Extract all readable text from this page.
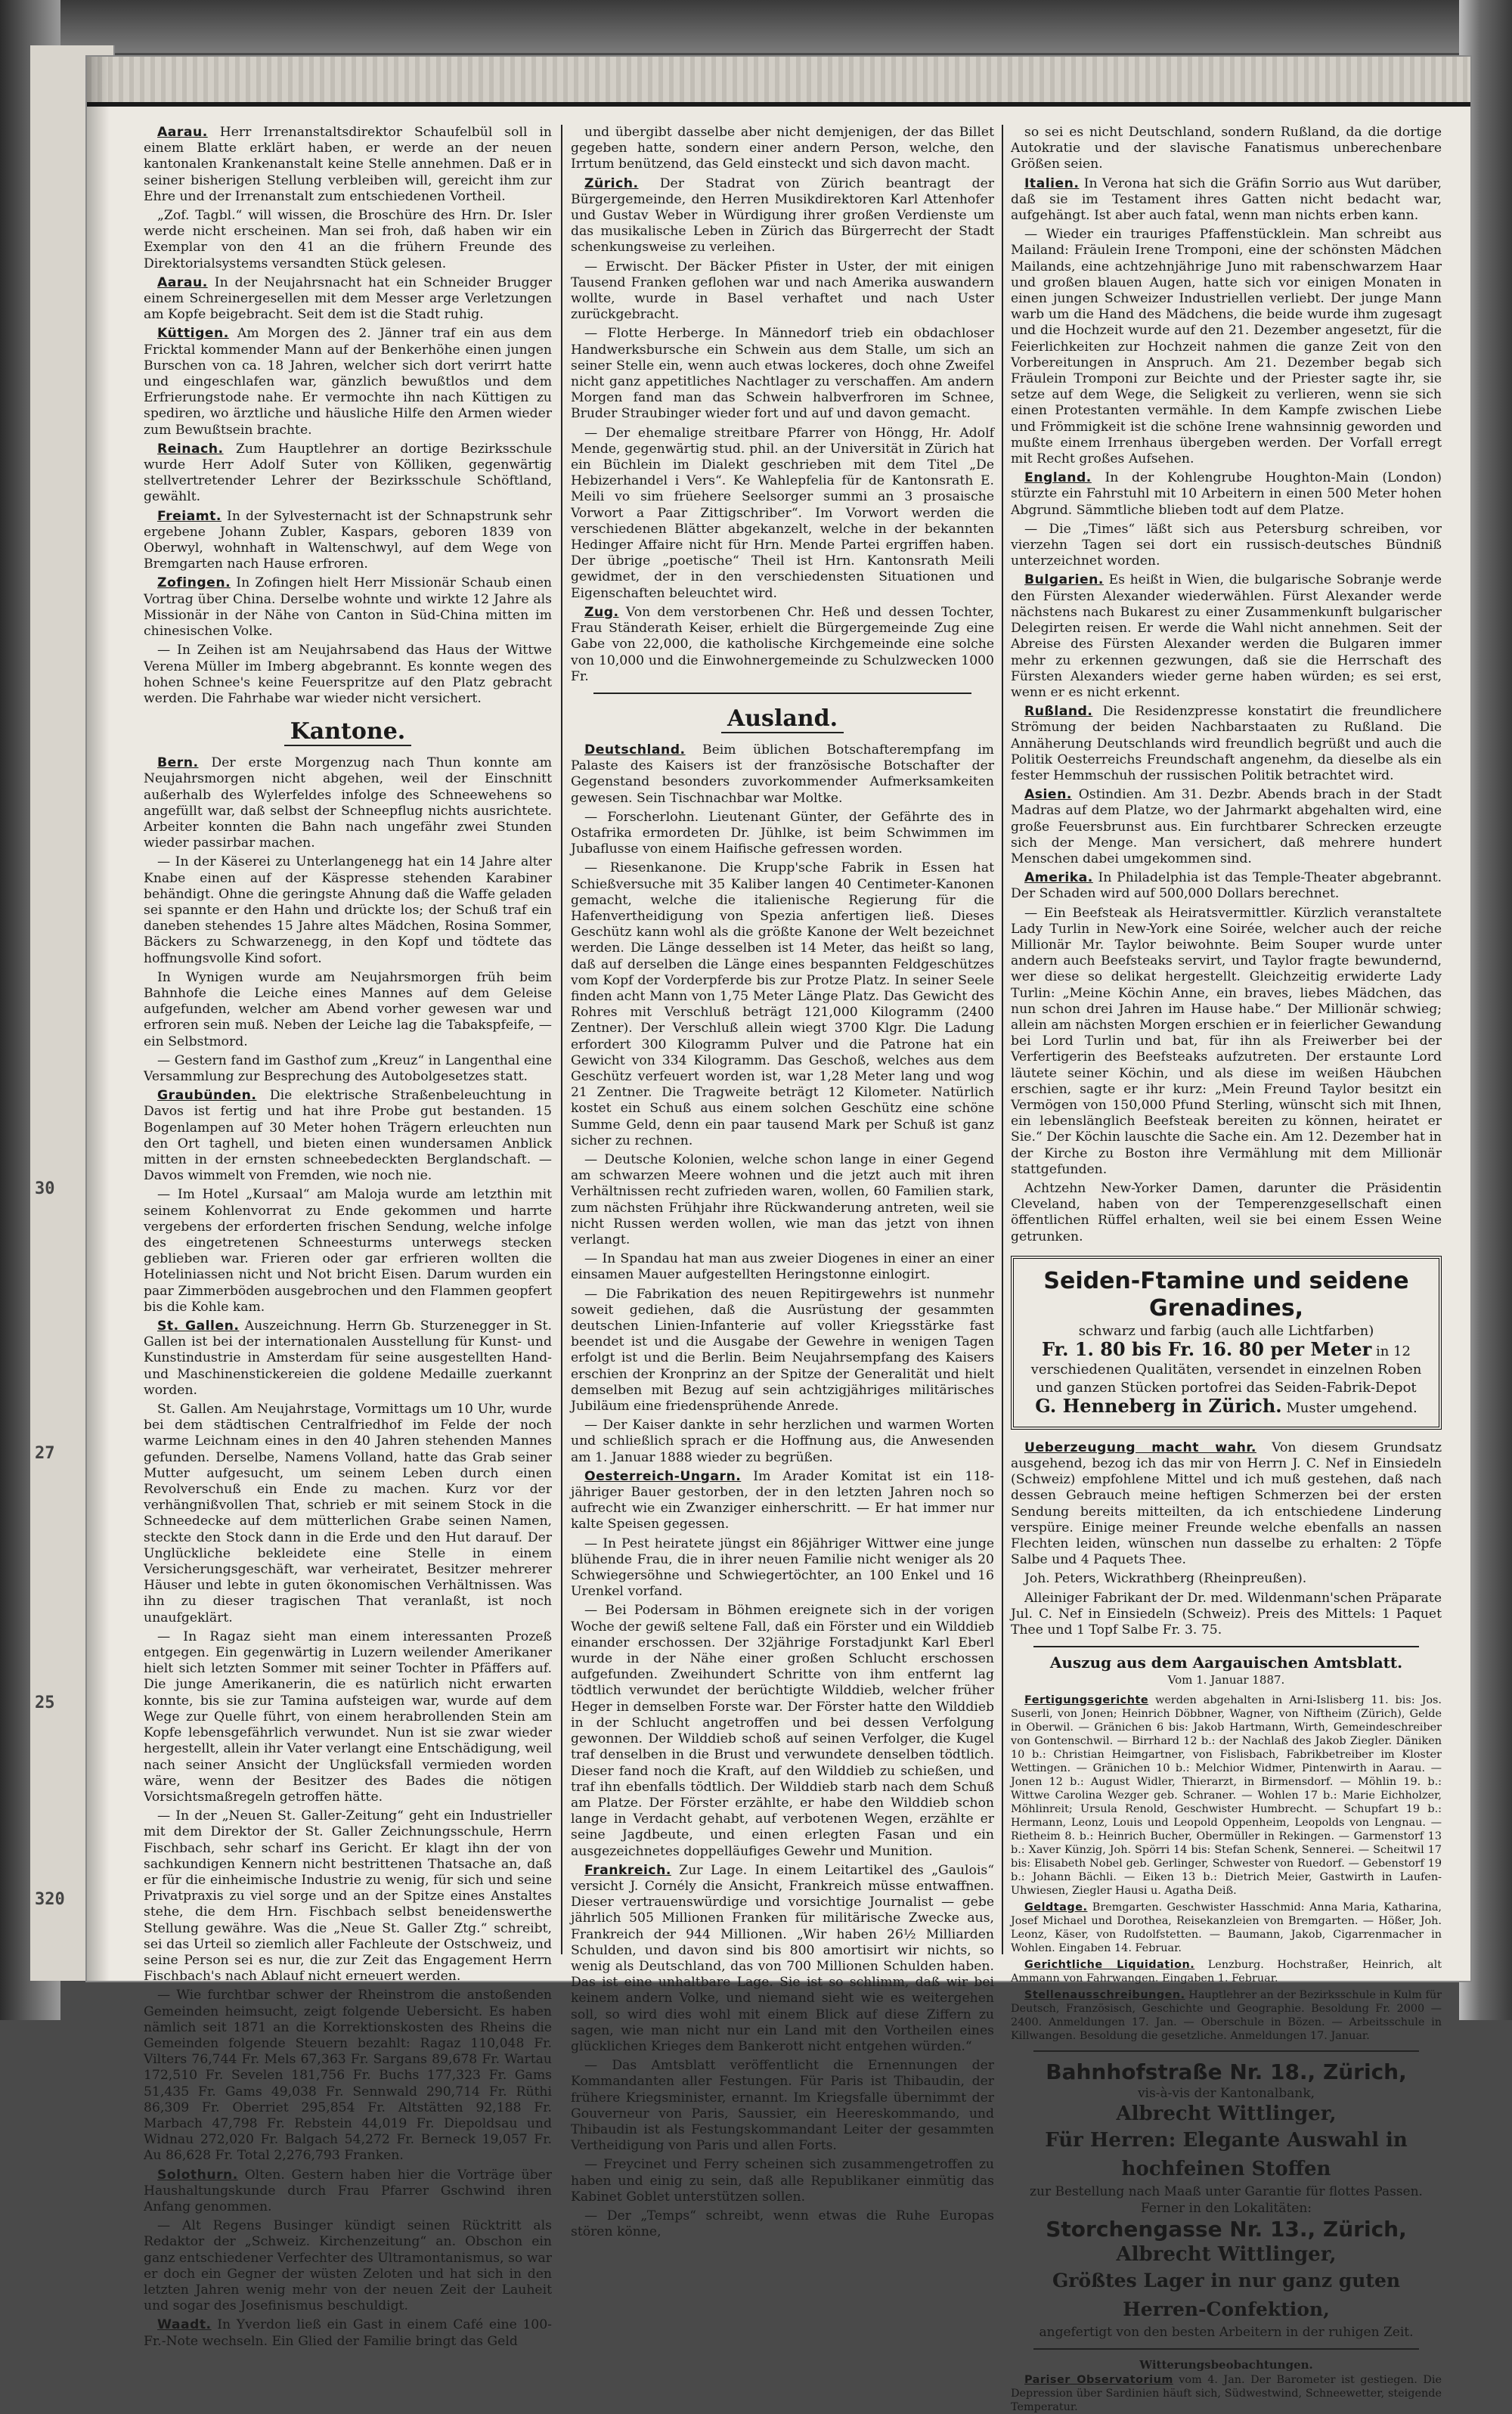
30
27
25
320

Aarau. Herr Irrenanstaltsdirektor Schaufelbül soll in einem Blatte erklärt haben, er werde an der neuen kantonalen Krankenanstalt keine Stelle annehmen. Daß er in seiner bisherigen Stellung verbleiben will, gereicht ihm zur Ehre und der Irrenanstalt zum entschiedenen Vortheil.

„Zof. Tagbl.“ will wissen, die Broschüre des Hrn. Dr. Isler werde nicht erscheinen. Man sei froh, daß haben wir ein Exemplar von den 41 an die frühern Freunde des Direktorialsystems versandten Stück gelesen.

Aarau. In der Neujahrsnacht hat ein Schneider Brugger einem Schreinergesellen mit dem Messer arge Verletzungen am Kopfe beigebracht. Seit dem ist die Stadt ruhig.

Küttigen. Am Morgen des 2. Jänner traf ein aus dem Fricktal kommender Mann auf der Benkerhöhe einen jungen Burschen von ca. 18 Jahren, welcher sich dort verirrt hatte und eingeschlafen war, gänzlich bewußtlos und dem Erfrierungstode nahe. Er vermochte ihn nach Küttigen zu spediren, wo ärztliche und häusliche Hilfe den Armen wieder zum Bewußtsein brachte.

Reinach. Zum Hauptlehrer an dortige Bezirksschule wurde Herr Adolf Suter von Kölliken, gegenwärtig stellvertretender Lehrer der Bezirksschule Schöftland, gewählt.

Freiamt. In der Sylvesternacht ist der Schnapstrunk sehr ergebene Johann Zubler, Kaspars, geboren 1839 von Oberwyl, wohnhaft in Waltenschwyl, auf dem Wege von Bremgarten nach Hause erfroren.

Zofingen. In Zofingen hielt Herr Missionär Schaub einen Vortrag über China. Derselbe wohnte und wirkte 12 Jahre als Missionär in der Nähe von Canton in Süd-China mitten im chinesischen Volke.

— In Zeihen ist am Neujahrsabend das Haus der Wittwe Verena Müller im Imberg abgebrannt. Es konnte wegen des hohen Schnee's keine Feuerspritze auf den Platz gebracht werden. Die Fahrhabe war wieder nicht versichert.

Kantone.

Bern. Der erste Morgenzug nach Thun konnte am Neujahrsmorgen nicht abgehen, weil der Einschnitt außerhalb des Wylerfeldes infolge des Schneewehens so angefüllt war, daß selbst der Schneepflug nichts ausrichtete. Arbeiter konnten die Bahn nach ungefähr zwei Stunden wieder passirbar machen.

— In der Käserei zu Unterlangenegg hat ein 14 Jahre alter Knabe einen auf der Käspresse stehenden Karabiner behändigt. Ohne die geringste Ahnung daß die Waffe geladen sei spannte er den Hahn und drückte los; der Schuß traf ein daneben stehendes 15 Jahre altes Mädchen, Rosina Sommer, Bäckers zu Schwarzenegg, in den Kopf und tödtete das hoffnungsvolle Kind sofort.

In Wynigen wurde am Neujahrsmorgen früh beim Bahnhofe die Leiche eines Mannes auf dem Geleise aufgefunden, welcher am Abend vorher gewesen war und erfroren sein muß. Neben der Leiche lag die Tabakspfeife, — ein Selbstmord.

— Gestern fand im Gasthof zum „Kreuz“ in Langenthal eine Versammlung zur Besprechung des Autobolgesetzes statt.

Graubünden. Die elektrische Straßenbeleuchtung in Davos ist fertig und hat ihre Probe gut bestanden. 15 Bogenlampen auf 30 Meter hohen Trägern erleuchten nun den Ort taghell, und bieten einen wundersamen Anblick mitten in der ernsten schneebedeckten Berglandschaft. — Davos wimmelt von Fremden, wie noch nie.

— Im Hotel „Kursaal“ am Maloja wurde am letzthin mit seinem Kohlenvorrat zu Ende gekommen und harrte vergebens der erforderten frischen Sendung, welche infolge des eingetretenen Schneesturms unterwegs stecken geblieben war. Frieren oder gar erfrieren wollten die Hoteliniassen nicht und Not bricht Eisen. Darum wurden ein paar Zimmerböden ausgebrochen und den Flammen geopfert bis die Kohle kam.

St. Gallen. Auszeichnung. Herrn Gb. Sturzenegger in St. Gallen ist bei der internationalen Ausstellung für Kunst- und Kunstindustrie in Amsterdam für seine ausgestellten Hand- und Maschinenstickereien die goldene Medaille zuerkannt worden.

St. Gallen. Am Neujahrstage, Vormittags um 10 Uhr, wurde bei dem städtischen Centralfriedhof im Felde der noch warme Leichnam eines in den 40 Jahren stehenden Mannes gefunden. Derselbe, Namens Volland, hatte das Grab seiner Mutter aufgesucht, um seinem Leben durch einen Revolverschuß ein Ende zu machen. Kurz vor der verhängnißvollen That, schrieb er mit seinem Stock in die Schneedecke auf dem mütterlichen Grabe seinen Namen, steckte den Stock dann in die Erde und den Hut darauf. Der Unglückliche bekleidete eine Stelle in einem Versicherungsgeschäft, war verheiratet, Besitzer mehrerer Häuser und lebte in guten ökonomischen Verhältnissen. Was ihn zu dieser tragischen That veranlaßt, ist noch unaufgeklärt.

— In Ragaz sieht man einem interessanten Prozeß entgegen. Ein gegenwärtig in Luzern weilender Amerikaner hielt sich letzten Sommer mit seiner Tochter in Pfäffers auf. Die junge Amerikanerin, die es natürlich nicht erwarten konnte, bis sie zur Tamina aufsteigen war, wurde auf dem Wege zur Quelle führt, von einem herabrollenden Stein am Kopfe lebensgefährlich verwundet. Nun ist sie zwar wieder hergestellt, allein ihr Vater verlangt eine Entschädigung, weil nach seiner Ansicht der Unglücksfall vermieden worden wäre, wenn der Besitzer des Bades die nötigen Vorsichtsmaßregeln getroffen hätte.

— In der „Neuen St. Galler-Zeitung“ geht ein Industrieller mit dem Direktor der St. Galler Zeichnungsschule, Herrn Fischbach, sehr scharf ins Gericht. Er klagt ihn der von sachkundigen Kennern nicht bestrittenen Thatsache an, daß er für die einheimische Industrie zu wenig, für sich und seine Privatpraxis zu viel sorge und an der Spitze eines Anstaltes stehe, die dem Hrn. Fischbach selbst beneidenswerthe Stellung gewähre. Was die „Neue St. Galler Ztg.“ schreibt, sei das Urteil so ziemlich aller Fachleute der Ostschweiz, und seine Person sei es nur, die zur Zeit das Engagement Herrn Fischbach's nach Ablauf nicht erneuert werden.

— Wie furchtbar schwer der Rheinstrom die anstoßenden Gemeinden heimsucht, zeigt folgende Uebersicht. Es haben nämlich seit 1871 an die Korrektionskosten des Rheins die Gemeinden folgende Steuern bezahlt: Ragaz 110,048 Fr. Vilters 76,744 Fr. Mels 67,363 Fr. Sargans 89,678 Fr. Wartau 172,510 Fr. Sevelen 181,756 Fr. Buchs 177,323 Fr. Gams 51,435 Fr. Gams 49,038 Fr. Sennwald 290,714 Fr. Rüthi 86,309 Fr. Oberriet 295,854 Fr. Altstätten 92,188 Fr. Marbach 47,798 Fr. Rebstein 44,019 Fr. Diepoldsau und Widnau 272,020 Fr. Balgach 54,272 Fr. Berneck 19,057 Fr. Au 86,628 Fr. Total 2,276,793 Franken.

Solothurn. Olten. Gestern haben hier die Vorträge über Haushaltungskunde durch Frau Pfarrer Gschwind ihren Anfang genommen.

— Alt Regens Businger kündigt seinen Rücktritt als Redaktor der „Schweiz. Kirchenzeitung“ an. Obschon ein ganz entschiedener Verfechter des Ultramontanismus, so war er doch ein Gegner der wüsten Zeloten und hat sich in den letzten Jahren wenig mehr von der neuen Zeit der Lauheit und sogar des Josefinismus beschuldigt.

Waadt. In Yverdon ließ ein Gast in einem Café eine 100-Fr.-Note wechseln. Ein Glied der Familie bringt das Geld

und übergibt dasselbe aber nicht demjenigen, der das Billet gegeben hatte, sondern einer andern Person, welche, den Irrtum benützend, das Geld einsteckt und sich davon macht.

Zürich. Der Stadrat von Zürich beantragt der Bürgergemeinde, den Herren Musikdirektoren Karl Attenhofer und Gustav Weber in Würdigung ihrer großen Verdienste um das musikalische Leben in Zürich das Bürgerrecht der Stadt schenkungsweise zu verleihen.

— Erwischt. Der Bäcker Pfister in Uster, der mit einigen Tausend Franken geflohen war und nach Amerika auswandern wollte, wurde in Basel verhaftet und nach Uster zurückgebracht.

— Flotte Herberge. In Männedorf trieb ein obdachloser Handwerksbursche ein Schwein aus dem Stalle, um sich an seiner Stelle ein, wenn auch etwas lockeres, doch ohne Zweifel nicht ganz appetitliches Nachtlager zu verschaffen. Am andern Morgen fand man das Schwein halbverfroren im Schnee, Bruder Straubinger wieder fort und auf und davon gemacht.

— Der ehemalige streitbare Pfarrer von Höngg, Hr. Adolf Mende, gegenwärtig stud. phil. an der Universität in Zürich hat ein Büchlein im Dialekt geschrieben mit dem Titel „De Hebizerhandel i Vers“. Ke Wahlepfelia für de Kantonsrath E. Meili vo sim früehere Seelsorger summi an 3 prosaische Vorwort a Paar Zittigschriber“. Im Vorwort werden die verschiedenen Blätter abgekanzelt, welche in der bekannten Hedinger Affaire nicht für Hrn. Mende Partei ergriffen haben. Der übrige „poetische“ Theil ist Hrn. Kantonsrath Meili gewidmet, der in den verschiedensten Situationen und Eigenschaften beleuchtet wird.

Zug. Von dem verstorbenen Chr. Heß und dessen Tochter, Frau Ständerath Keiser, erhielt die Bürgergemeinde Zug eine Gabe von 22,000, die katholische Kirchgemeinde eine solche von 10,000 und die Einwohnergemeinde zu Schulzwecken 1000 Fr.

Ausland.

Deutschland. Beim üblichen Botschafterempfang im Palaste des Kaisers ist der französische Botschafter der Gegenstand besonders zuvorkommender Aufmerksamkeiten gewesen. Sein Tischnachbar war Moltke.

— Forscherlohn. Lieutenant Günter, der Gefährte des in Ostafrika ermordeten Dr. Jühlke, ist beim Schwimmen im Jubaflusse von einem Haifische gefressen worden.

— Riesenkanone. Die Krupp'sche Fabrik in Essen hat Schießversuche mit 35 Kaliber langen 40 Centimeter-Kanonen gemacht, welche die italienische Regierung für die Hafenvertheidigung von Spezia anfertigen ließ. Dieses Geschütz kann wohl als die größte Kanone der Welt bezeichnet werden. Die Länge desselben ist 14 Meter, das heißt so lang, daß auf derselben die Länge eines bespannten Feldgeschützes vom Kopf der Vorderpferde bis zur Protze Platz. In seiner Seele finden acht Mann von 1,75 Meter Länge Platz. Das Gewicht des Rohres mit Verschluß beträgt 121,000 Kilogramm (2400 Zentner). Der Verschluß allein wiegt 3700 Klgr. Die Ladung erfordert 300 Kilogramm Pulver und die Patrone hat ein Gewicht von 334 Kilogramm. Das Geschoß, welches aus dem Geschütz verfeuert worden ist, war 1,28 Meter lang und wog 21 Zentner. Die Tragweite beträgt 12 Kilometer. Natürlich kostet ein Schuß aus einem solchen Geschütz eine schöne Summe Geld, denn ein paar tausend Mark per Schuß ist ganz sicher zu rechnen.

— Deutsche Kolonien, welche schon lange in einer Gegend am schwarzen Meere wohnen und die jetzt auch mit ihren Verhältnissen recht zufrieden waren, wollen, 60 Familien stark, zum nächsten Frühjahr ihre Rückwanderung antreten, weil sie nicht Russen werden wollen, wie man das jetzt von ihnen verlangt.

— In Spandau hat man aus zweier Diogenes in einer an einer einsamen Mauer aufgestellten Heringstonne einlogirt.

— Die Fabrikation des neuen Repitirgewehrs ist nunmehr soweit gediehen, daß die Ausrüstung der gesammten deutschen Linien-Infanterie auf voller Kriegsstärke fast beendet ist und die Ausgabe der Gewehre in wenigen Tagen erfolgt ist und die Berlin. Beim Neujahrsempfang des Kaisers erschien der Kronprinz an der Spitze der Generalität und hielt demselben mit Bezug auf sein achtzigjähriges militärisches Jubiläum eine friedensprühende Anrede.

— Der Kaiser dankte in sehr herzlichen und warmen Worten und schließlich sprach er die Hoffnung aus, die Anwesenden am 1. Januar 1888 wieder zu begrüßen.

Oesterreich-Ungarn. Im Arader Komitat ist ein 118-jähriger Bauer gestorben, der in den letzten Jahren noch so aufrecht wie ein Zwanziger einherschritt. — Er hat immer nur kalte Speisen gegessen.

— In Pest heiratete jüngst ein 86jähriger Wittwer eine junge blühende Frau, die in ihrer neuen Familie nicht weniger als 20 Schwiegersöhne und Schwiegertöchter, an 100 Enkel und 16 Urenkel vorfand.

— Bei Podersam in Böhmen ereignete sich in der vorigen Woche der gewiß seltene Fall, daß ein Förster und ein Wilddieb einander erschossen. Der 32jährige Forstadjunkt Karl Eberl wurde in der Nähe einer großen Schlucht erschossen aufgefunden. Zweihundert Schritte von ihm entfernt lag tödtlich verwundet der berüchtigte Wilddieb, welcher früher Heger in demselben Forste war. Der Förster hatte den Wilddieb in der Schlucht angetroffen und bei dessen Verfolgung gewonnen. Der Wilddieb schoß auf seinen Verfolger, die Kugel traf denselben in die Brust und verwundete denselben tödtlich. Dieser fand noch die Kraft, auf den Wilddieb zu schießen, und traf ihn ebenfalls tödtlich. Der Wilddieb starb nach dem Schuß am Platze. Der Förster erzählte, er habe den Wilddieb schon lange in Verdacht gehabt, auf verbotenen Wegen, erzählte er seine Jagdbeute, und einen erlegten Fasan und ein ausgezeichnetes doppelläufiges Gewehr und Munition.

Frankreich. Zur Lage. In einem Leitartikel des „Gaulois“ versicht J. Cornély die Ansicht, Frankreich müsse entwaffnen. Dieser vertrauenswürdige und vorsichtige Journalist — gebe jährlich 505 Millionen Franken für militärische Zwecke aus, Frankreich der 944 Millionen. „Wir haben 26½ Milliarden Schulden, und davon sind bis 800 amortisirt wir nichts, so wenig als Deutschland, das von 700 Millionen Schulden haben. Das ist eine unhaltbare Lage. Sie ist so schlimm, daß wir bei keinem andern Volke, und niemand sieht wie es weitergehen soll, so wird dies wohl mit einem Blick auf diese Ziffern zu sagen, wie man nicht nur ein Land mit den Vortheilen eines glücklichen Krieges dem Bankerott nicht entgehen würden.“

— Das Amtsblatt veröffentlicht die Ernennungen der Kommandanten aller Festungen. Für Paris ist Thibaudin, der frühere Kriegsminister, ernannt. Im Kriegsfalle übernimmt der Gouverneur von Paris, Saussier, ein Heereskommando, und Thibaudin ist als Festungskommandant Leiter der gesammten Vertheidigung von Paris und allen Forts.

— Freycinet und Ferry scheinen sich zusammengetroffen zu haben und einig zu sein, daß alle Republikaner einmütig das Kabinet Goblet unterstützen sollen.

— Der „Temps“ schreibt, wenn etwas die Ruhe Europas stören könne,

so sei es nicht Deutschland, sondern Rußland, da die dortige Autokratie und der slavische Fanatismus unberechenbare Größen seien.

Italien. In Verona hat sich die Gräfin Sorrio aus Wut darüber, daß sie im Testament ihres Gatten nicht bedacht war, aufgehängt. Ist aber auch fatal, wenn man nichts erben kann.

— Wieder ein trauriges Pfaffenstücklein. Man schreibt aus Mailand: Fräulein Irene Tromponi, eine der schönsten Mädchen Mailands, eine achtzehnjährige Juno mit rabenschwarzem Haar und großen blauen Augen, hatte sich vor einigen Monaten in einen jungen Schweizer Industriellen verliebt. Der junge Mann warb um die Hand des Mädchens, die beide wurde ihm zugesagt und die Hochzeit wurde auf den 21. Dezember angesetzt, für die Feierlichkeiten zur Hochzeit nahmen die ganze Zeit von den Vorbereitungen in Anspruch. Am 21. Dezember begab sich Fräulein Tromponi zur Beichte und der Priester sagte ihr, sie setze auf dem Wege, die Seligkeit zu verlieren, wenn sie sich einen Protestanten vermähle. In dem Kampfe zwischen Liebe und Frömmigkeit ist die schöne Irene wahnsinnig geworden und mußte einem Irrenhaus übergeben werden. Der Vorfall erregt mit Recht großes Aufsehen.

England. In der Kohlengrube Houghton-Main (London) stürzte ein Fahrstuhl mit 10 Arbeitern in einen 500 Meter hohen Abgrund. Sämmtliche blieben todt auf dem Platze.

— Die „Times“ läßt sich aus Petersburg schreiben, vor vierzehn Tagen sei dort ein russisch-deutsches Bündniß unterzeichnet worden.

Bulgarien. Es heißt in Wien, die bulgarische Sobranje werde den Fürsten Alexander wiederwählen. Fürst Alexander werde nächstens nach Bukarest zu einer Zusammenkunft bulgarischer Delegirten reisen. Er werde die Wahl nicht annehmen. Seit der Abreise des Fürsten Alexander werden die Bulgaren immer mehr zu erkennen gezwungen, daß sie die Herrschaft des Fürsten Alexanders wieder gerne haben würden; es sei erst, wenn er es nicht erkennt.

Rußland. Die Residenzpresse konstatirt die freundlichere Strömung der beiden Nachbarstaaten zu Rußland. Die Annäherung Deutschlands wird freundlich begrüßt und auch die Politik Oesterreichs Freundschaft angenehm, da dieselbe als ein fester Hemmschuh der russischen Politik betrachtet wird.

Asien. Ostindien. Am 31. Dezbr. Abends brach in der Stadt Madras auf dem Platze, wo der Jahrmarkt abgehalten wird, eine große Feuersbrunst aus. Ein furchtbarer Schrecken erzeugte sich der Menge. Man versichert, daß mehrere hundert Menschen dabei umgekommen sind.

Amerika. In Philadelphia ist das Temple-Theater abgebrannt. Der Schaden wird auf 500,000 Dollars berechnet.

— Ein Beefsteak als Heiratsvermittler. Kürzlich veranstaltete Lady Turlin in New-York eine Soirée, welcher auch der reiche Millionär Mr. Taylor beiwohnte. Beim Souper wurde unter andern auch Beefsteaks servirt, und Taylor fragte bewundernd, wer diese so delikat hergestellt. Gleichzeitig erwiderte Lady Turlin: „Meine Köchin Anne, ein braves, liebes Mädchen, das nun schon drei Jahren im Hause habe.“ Der Millionär schwieg; allein am nächsten Morgen erschien er in feierlicher Gewandung bei Lord Turlin und bat, für ihn als Freiwerber bei der Verfertigerin des Beefsteaks aufzutreten. Der erstaunte Lord läutete seiner Köchin, und als diese im weißen Häubchen erschien, sagte er ihr kurz: „Mein Freund Taylor besitzt ein Vermögen von 150,000 Pfund Sterling, wünscht sich mit Ihnen, ein lebenslänglich Beefsteak bereiten zu können, heiratet er Sie.“ Der Köchin lauschte die Sache ein. Am 12. Dezember hat in der Kirche zu Boston ihre Vermählung mit dem Millionär stattgefunden.

Achtzehn New-Yorker Damen, darunter die Präsidentin Cleveland, haben von der Temperenzgesellschaft einen öffentlichen Rüffel erhalten, weil sie bei einem Essen Weine getrunken.

Seiden-Ftamine und seidene Grenadines,
schwarz und farbig (auch alle Lichtfarben)
Fr. 1. 80 bis Fr. 16. 80 per Meter in 12 verschiedenen Qualitäten, versendet in einzelnen Roben und ganzen Stücken portofrei das Seiden-Fabrik-Depot G. Henneberg in Zürich. Muster umgehend.

Ueberzeugung macht wahr. Von diesem Grundsatz ausgehend, bezog ich das mir von Herrn J. C. Nef in Einsiedeln (Schweiz) empfohlene Mittel und ich muß gestehen, daß nach dessen Gebrauch meine heftigen Schmerzen bei der ersten Sendung bereits mitteilten, da ich entschiedene Linderung verspüre. Einige meiner Freunde welche ebenfalls an nassen Flechten leiden, wünschen nun dasselbe zu erhalten: 2 Töpfe Salbe und 4 Paquets Thee.

Joh. Peters, Wickrathberg (Rheinpreußen).

Alleiniger Fabrikant der Dr. med. Wildenmann'schen Präparate Jul. C. Nef in Einsiedeln (Schweiz). Preis des Mittels: 1 Paquet Thee und 1 Topf Salbe Fr. 3. 75.

Auszug aus dem Aargauischen Amtsblatt.
Vom 1. Januar 1887.

Fertigungsgerichte werden abgehalten in Arni-Islisberg 11. bis: Jos. Suserli, von Jonen; Heinrich Döbbner, Wagner, von Niftheim (Zürich), Gelde in Oberwil. — Gränichen 6 bis: Jakob Hartmann, Wirth, Gemeindeschreiber von Gontenschwil. — Birrhard 12 b.: der Nachlaß des Jakob Ziegler. Däniken 10 b.: Christian Heimgartner, von Fislisbach, Fabrikbetreiber im Kloster Wettingen. — Gränichen 10 b.: Melchior Widmer, Pintenwirth in Aarau. — Jonen 12 b.: August Widler, Thierarzt, in Birmensdorf. — Möhlin 19. b.: Wittwe Carolina Wezger geb. Schraner. — Wohlen 17 b.: Marie Eichholzer, Möhlinreit; Ursula Renold, Geschwister Humbrecht. — Schupfart 19 b.: Hermann, Leonz, Louis und Leopold Oppenheim, Leopolds von Lengnau. — Rietheim 8. b.: Heinrich Bucher, Obermüller in Rekingen. — Garmenstorf 13 b.: Xaver Künzig, Joh. Spörri 14 bis: Stefan Schenk, Sennerei. — Scheitwil 17 bis: Elisabeth Nobel geb. Gerlinger, Schwester von Ruedorf. — Gebenstorf 19 b.: Johann Bächli. — Eiken 13 b.: Dietrich Meier, Gastwirth in Laufen-Uhwiesen, Ziegler Hausi u. Agatha Deiß.

Geldtage. Bremgarten. Geschwister Hasschmid: Anna Maria, Katharina, Josef Michael und Dorothea, Reisekanzleien von Bremgarten. — Hößer, Joh. Leonz, Käser, von Rudolfstetten. — Baumann, Jakob, Cigarrenmacher in Wohlen. Eingaben 14. Februar.

Gerichtliche Liquidation. Lenzburg. Hochstraßer, Heinrich, alt Ammann von Fahrwangen. Eingaben 1. Februar.

Stellenausschreibungen. Hauptlehrer an der Bezirksschule in Kulm für Deutsch, Französisch, Geschichte und Geographie. Besoldung Fr. 2000 — 2400. Anmeldungen 17. Jan. — Oberschule in Bözen. — Arbeitsschule in Killwangen. Besoldung die gesetzliche. Anmeldungen 17. Januar.

Bahnhofstraße Nr. 18., Zürich,
vis-à-vis der Kantonalbank,
Albrecht Wittlinger,
Für Herren: Elegante Auswahl in hochfeinen Stoffen
zur Bestellung nach Maaß unter Garantie für flottes Passen.
Ferner in den Lokalitäten:
Storchengasse Nr. 13., Zürich,
Albrecht Wittlinger,
Größtes Lager in nur ganz guten Herren-Confektion,
angefertigt von den besten Arbeitern in der ruhigen Zeit.
Witterungsbeobachtungen.

Pariser Observatorium vom 4. Jan. Der Barometer ist gestiegen. Die Depression über Sardinien häuft sich, Südwestwind, Schneewetter, steigende Temperatur.
